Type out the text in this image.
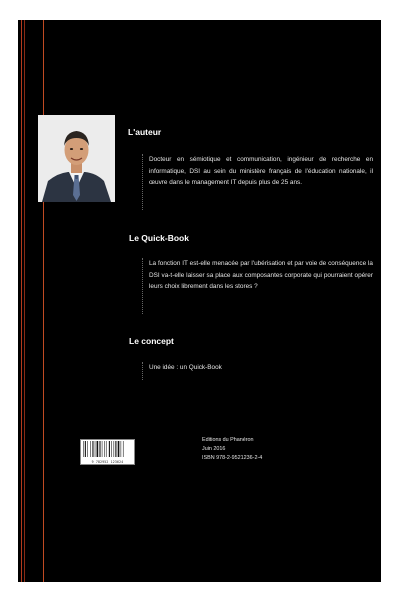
L'auteur
Docteur en sémiotique et communication, ingénieur de recherche en informatique, DSI au sein du ministère français de l'éducation nationale, il œuvre dans le management IT depuis plus de 25 ans.
Le Quick-Book
La fonction IT est-elle menacée par l'ubérisation et par voie de conséquence la DSI va-t-elle laisser sa place aux composantes corporate qui pourraient opérer leurs choix librement dans les stores ?
Le concept
Une idée : un Quick-Book
9 782952 123624
Editions du Phanéron
Juin 2016
ISBN 978-2-9521236-2-4
